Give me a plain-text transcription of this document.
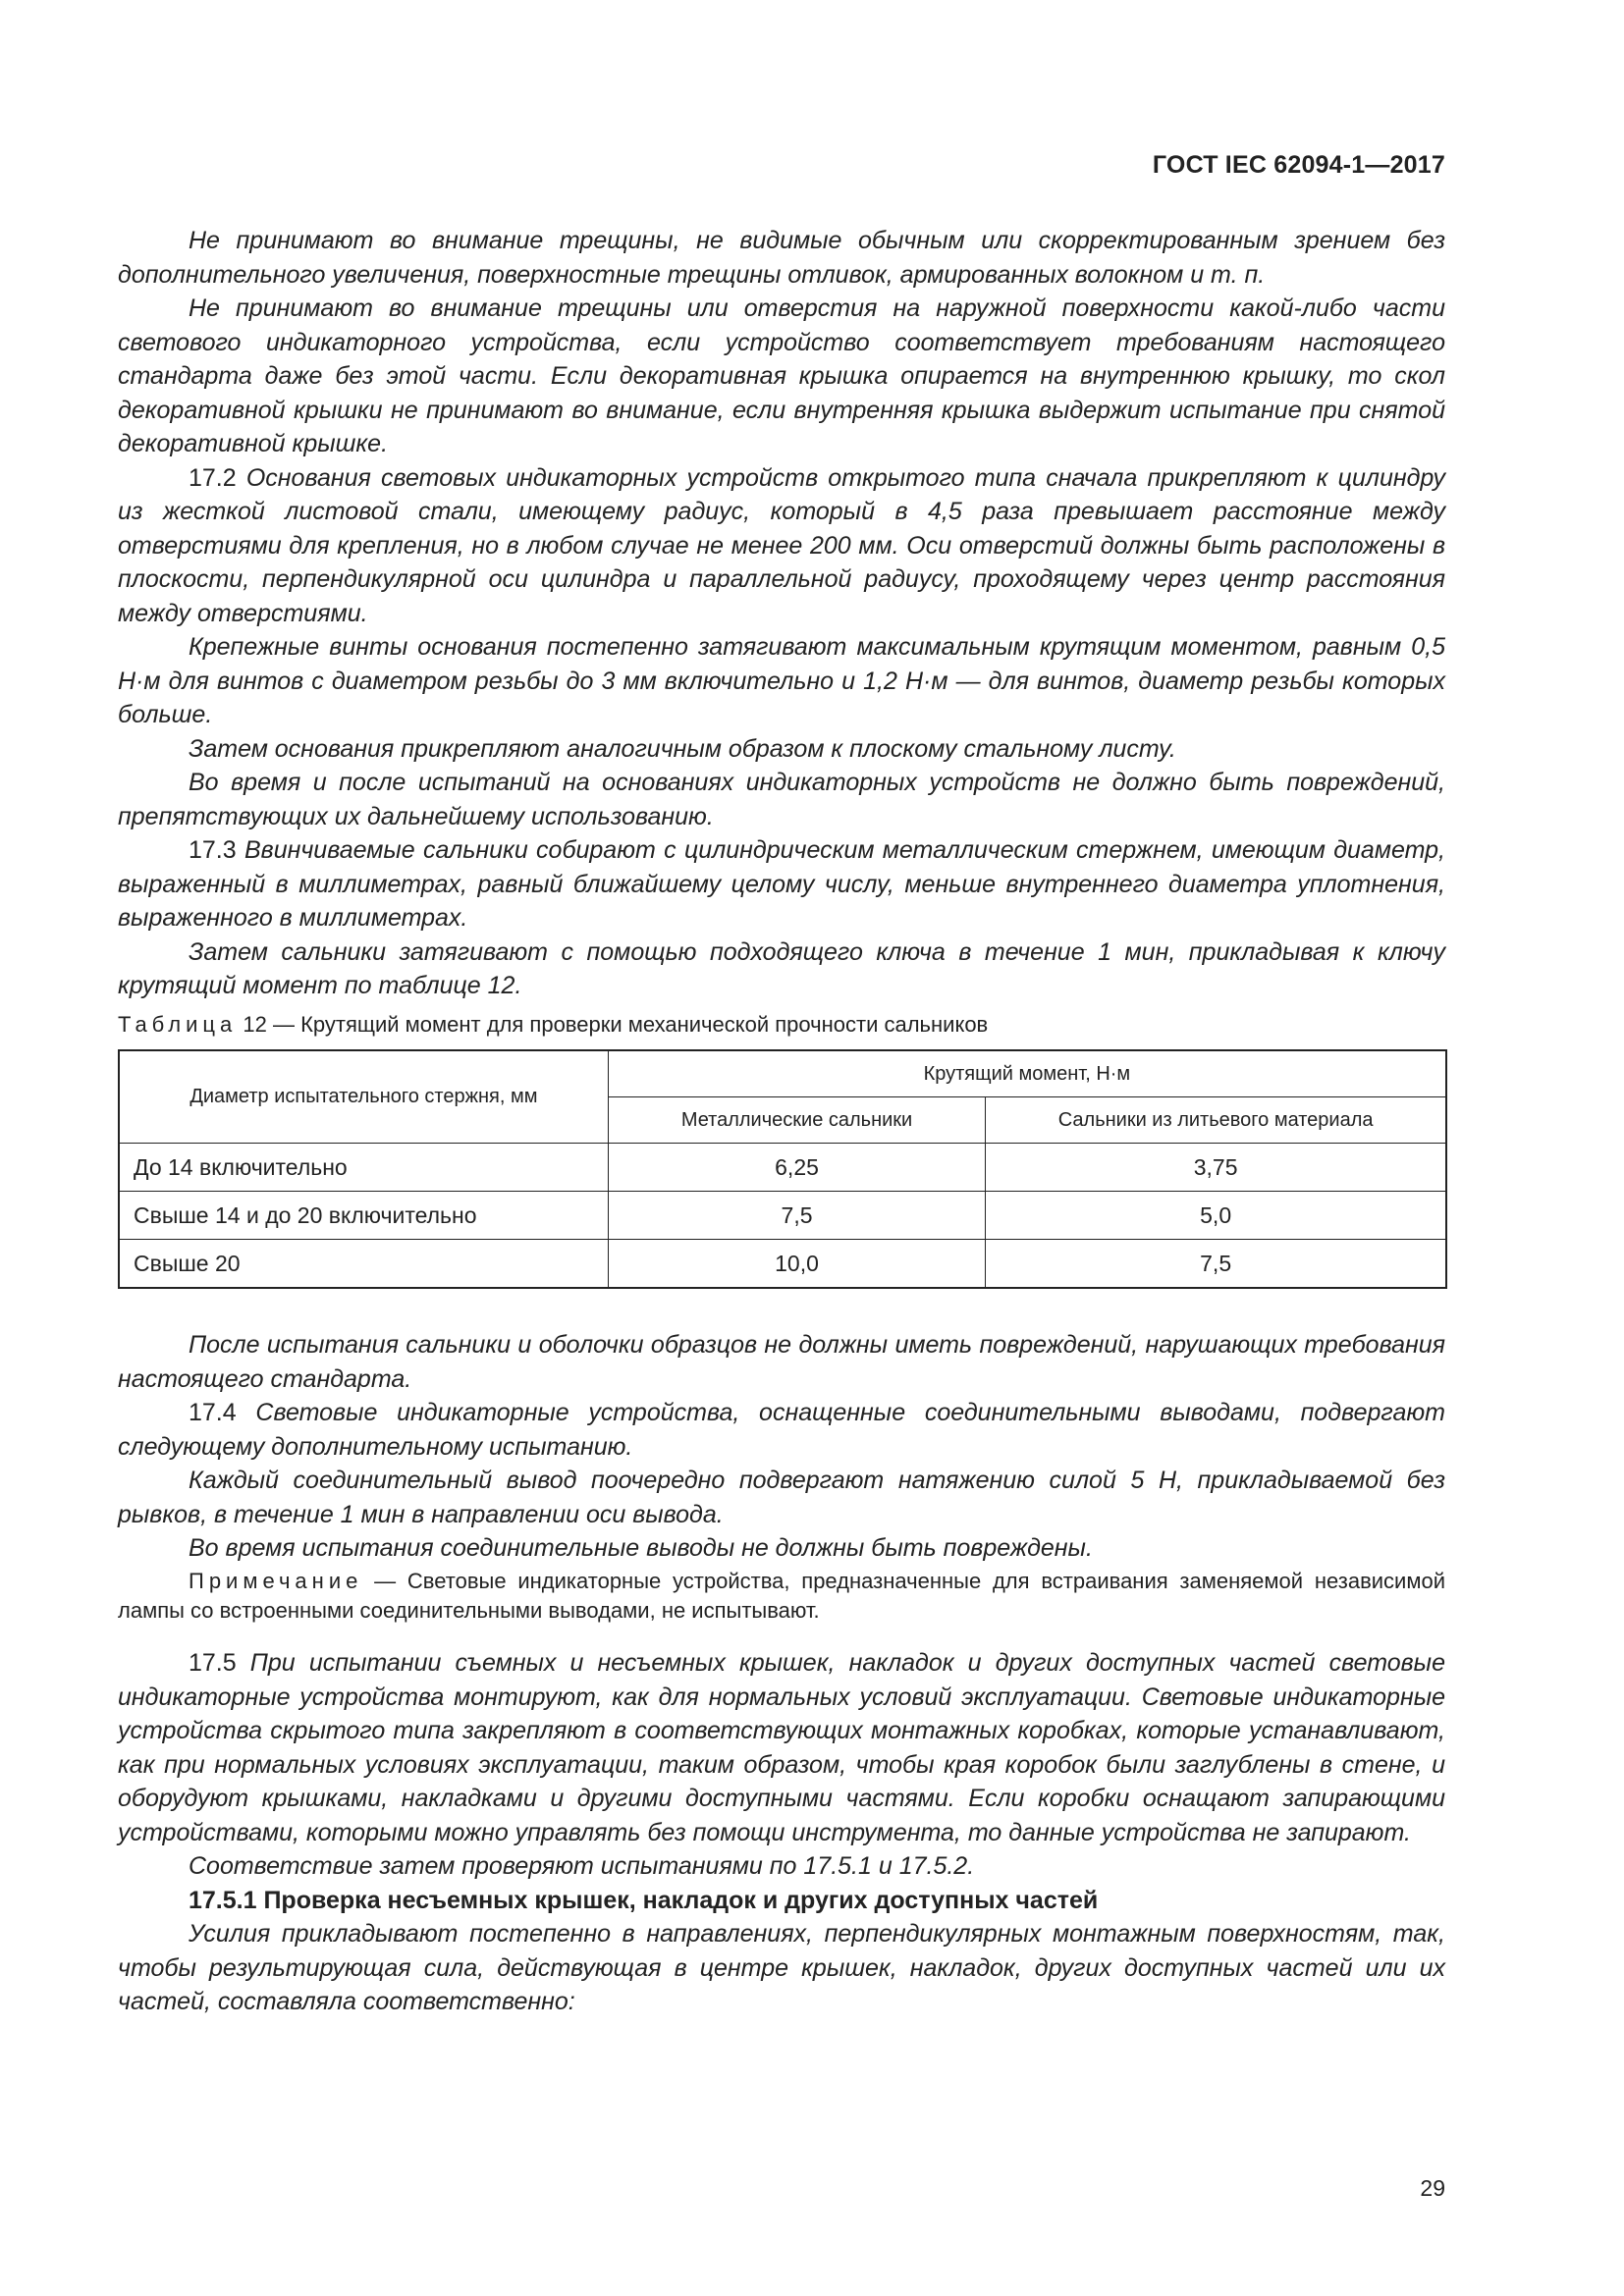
ГОСТ IEC 62094-1—2017

Не принимают во внимание трещины, не видимые обычным или скорректированным зрением без дополнительного увеличения, поверхностные трещины отливок, армированных волокном и т. п.

Не принимают во внимание трещины или отверстия на наружной поверхности какой-либо части светового индикаторного устройства, если устройство соответствует требованиям настоящего стандарта даже без этой части. Если декоративная крышка опирается на внутреннюю крышку, то скол декоративной крышки не принимают во внимание, если внутренняя крышка выдержит испытание при снятой декоративной крышке.

17.2 Основания световых индикаторных устройств открытого типа сначала прикрепляют к цилиндру из жесткой листовой стали, имеющему радиус, который в 4,5 раза превышает расстояние между отверстиями для крепления, но в любом случае не менее 200 мм. Оси отверстий должны быть расположены в плоскости, перпендикулярной оси цилиндра и параллельной радиусу, проходящему через центр расстояния между отверстиями.

Крепежные винты основания постепенно затягивают максимальным крутящим моментом, равным 0,5 Н·м для винтов с диаметром резьбы до 3 мм включительно и 1,2 Н·м — для винтов, диаметр резьбы которых больше.

Затем основания прикрепляют аналогичным образом к плоскому стальному листу.

Во время и после испытаний на основаниях индикаторных устройств не должно быть повреждений, препятствующих их дальнейшему использованию.

17.3 Ввинчиваемые сальники собирают с цилиндрическим металлическим стержнем, имеющим диаметр, выраженный в миллиметрах, равный ближайшему целому числу, меньше внутреннего диаметра уплотнения, выраженного в миллиметрах.

Затем сальники затягивают с помощью подходящего ключа в течение 1 мин, прикладывая к ключу крутящий момент по таблице 12.

Таблица 12 — Крутящий момент для проверки механической прочности сальников
Диаметр испытательного стержня, мм	Крутящий момент, Н·м	
	Металлические сальники	Сальники из литьевого материала
До 14 включительно	6,25	3,75
Свыше 14 и до 20 включительно	7,5	5,0
Свыше 20	10,0	7,5

После испытания сальники и оболочки образцов не должны иметь повреждений, нарушающих требования настоящего стандарта.

17.4 Световые индикаторные устройства, оснащенные соединительными выводами, подвергают следующему дополнительному испытанию.

Каждый соединительный вывод поочередно подвергают натяжению силой 5 Н, прикладываемой без рывков, в течение 1 мин в направлении оси вывода.

Во время испытания соединительные выводы не должны быть повреждены.

Примечание — Световые индикаторные устройства, предназначенные для встраивания заменяемой независимой лампы со встроенными соединительными выводами, не испытывают.

17.5 При испытании съемных и несъемных крышек, накладок и других доступных частей световые индикаторные устройства монтируют, как для нормальных условий эксплуатации. Световые индикаторные устройства скрытого типа закрепляют в соответствующих монтажных коробках, которые устанавливают, как при нормальных условиях эксплуатации, таким образом, чтобы края коробок были заглублены в стене, и оборудуют крышками, накладками и другими доступными частями. Если коробки оснащают запирающими устройствами, которыми можно управлять без помощи инструмента, то данные устройства не запирают.

Соответствие затем проверяют испытаниями по 17.5.1 и 17.5.2.

17.5.1 Проверка несъемных крышек, накладок и других доступных частей

Усилия прикладывают постепенно в направлениях, перпендикулярных монтажным поверхностям, так, чтобы результирующая сила, действующая в центре крышек, накладок, других доступных частей или их частей, составляла соответственно:

29
